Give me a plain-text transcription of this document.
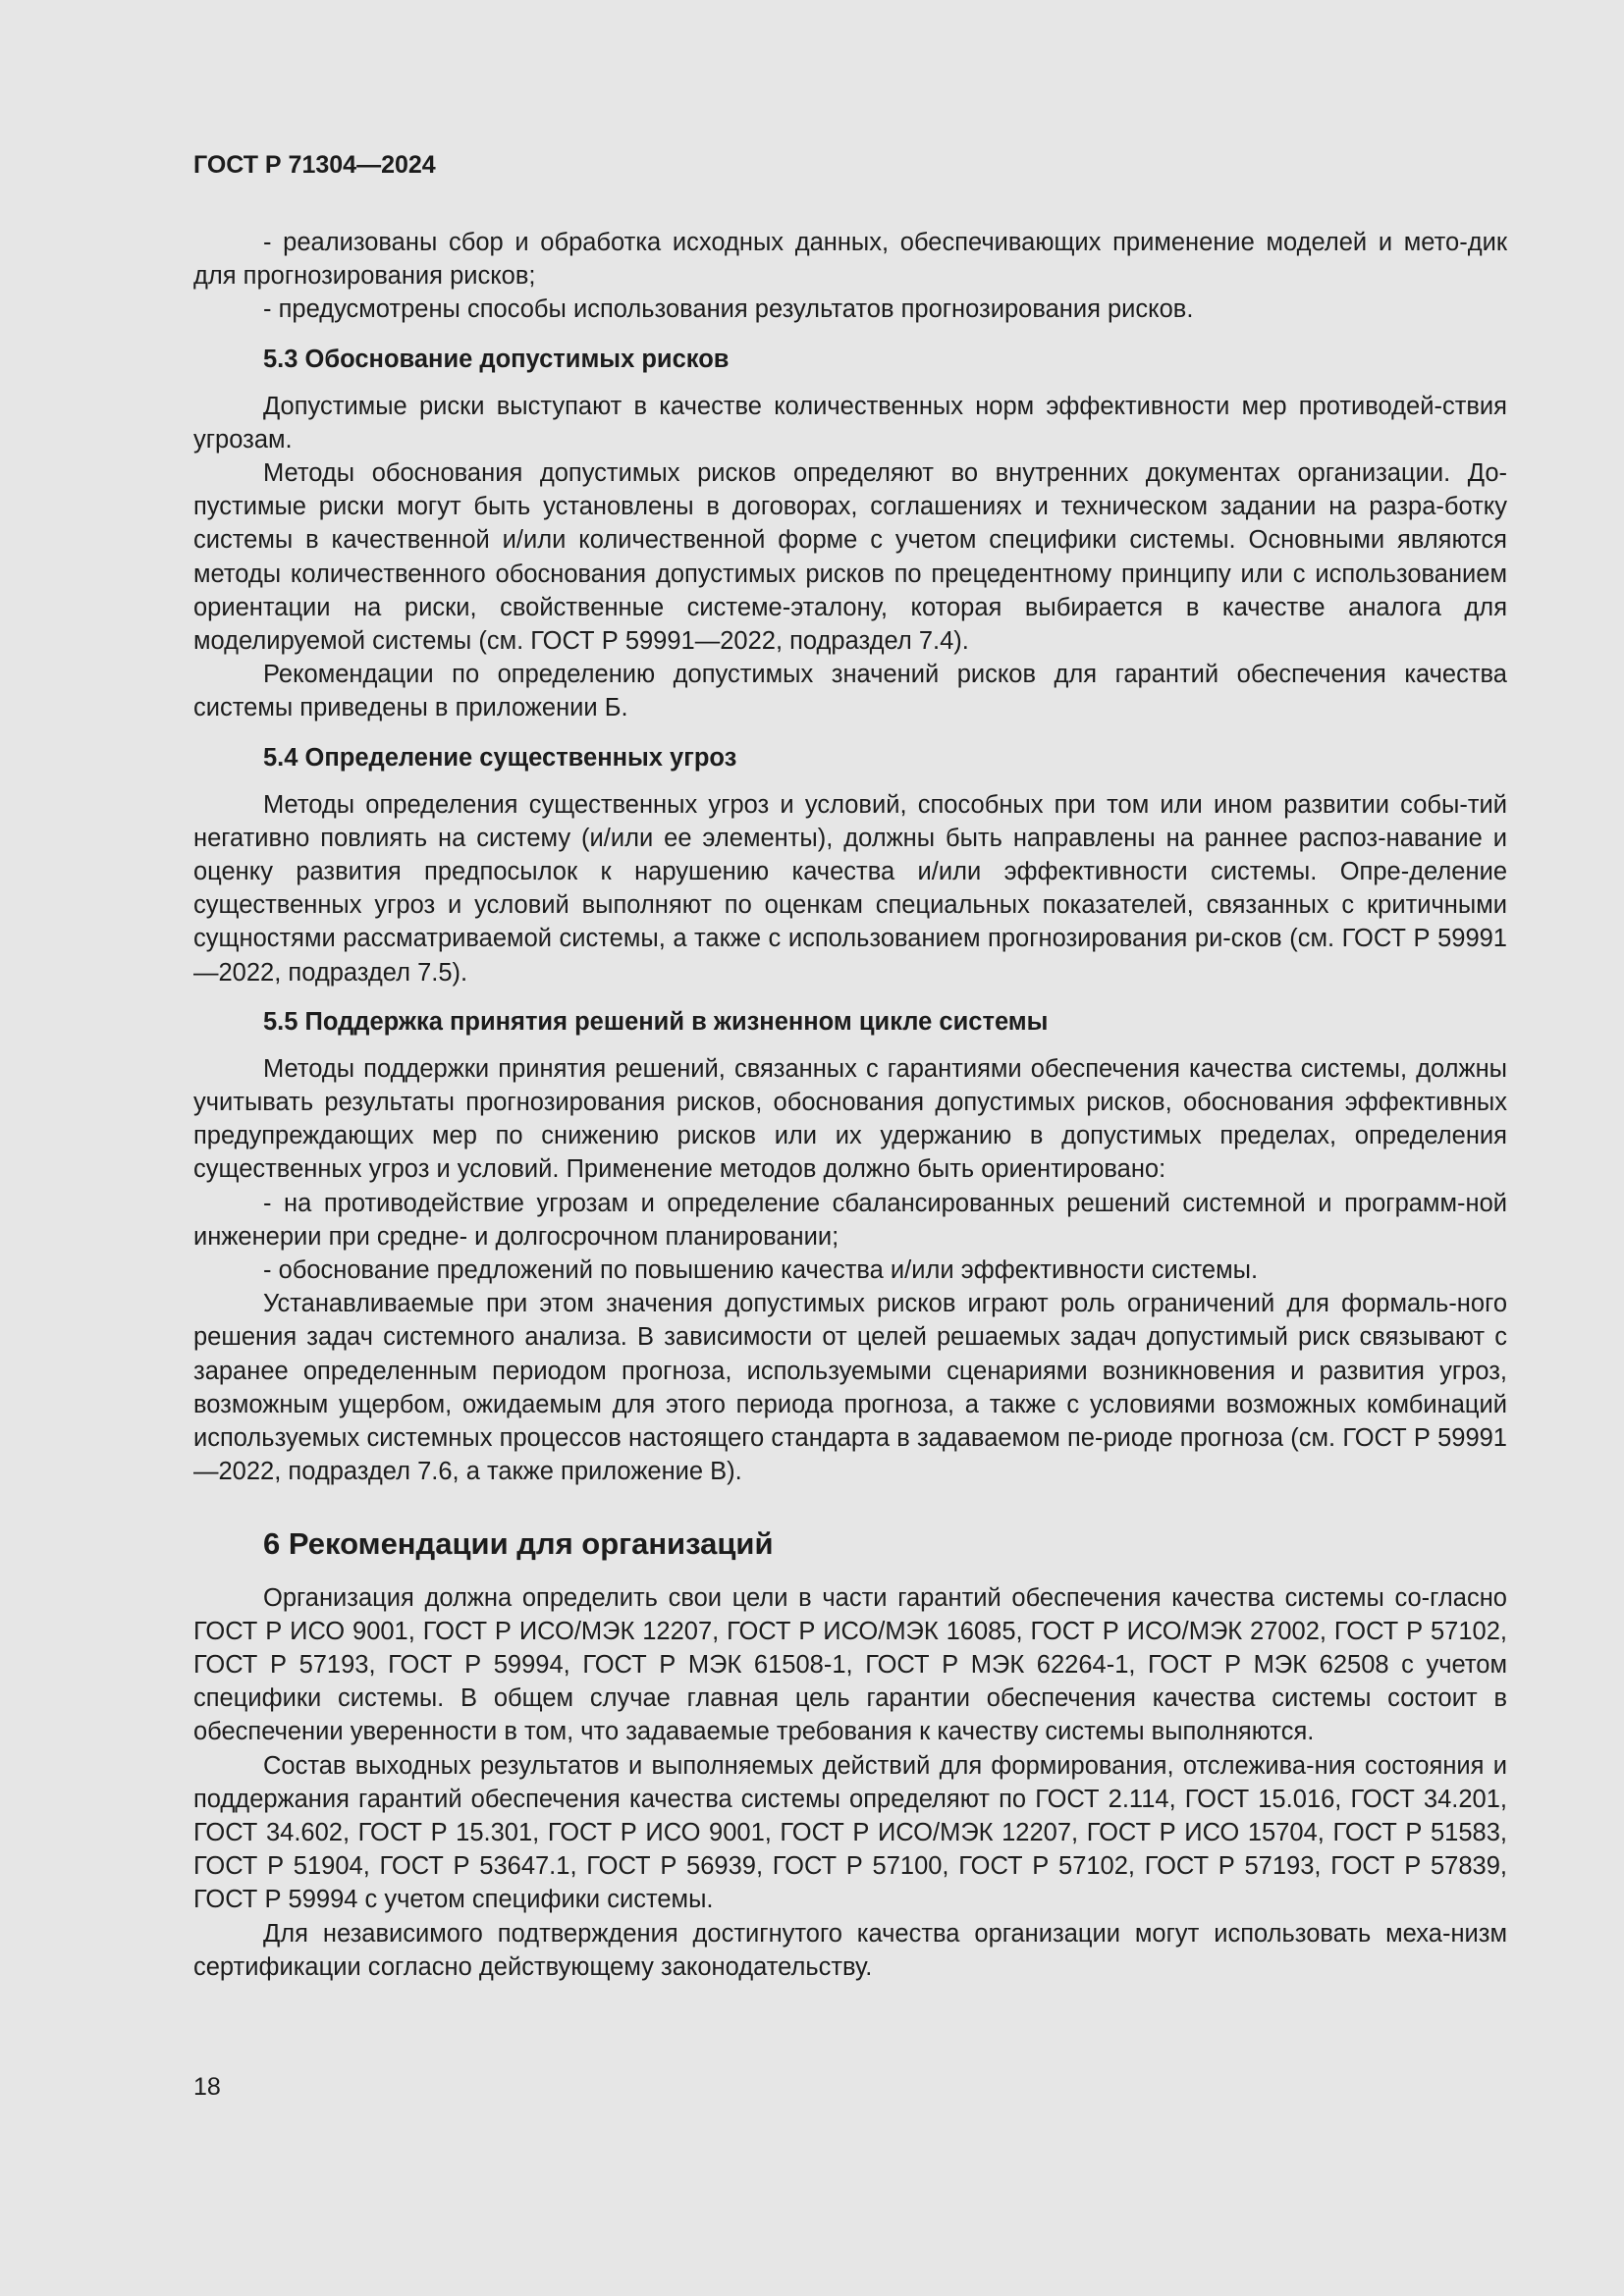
ГОСТ Р 71304—2024

- реализованы сбор и обработка исходных данных, обеспечивающих применение моделей и мето-дик для прогнозирования рисков;

- предусмотрены способы использования результатов прогнозирования рисков.

5.3 Обоснование допустимых рисков

Допустимые риски выступают в качестве количественных норм эффективности мер противодей-ствия угрозам.

Методы обоснования допустимых рисков определяют во внутренних документах организации. До-пустимые риски могут быть установлены в договорах, соглашениях и техническом задании на разра-ботку системы в качественной и/или количественной форме с учетом специфики системы. Основными являются методы количественного обоснования допустимых рисков по прецедентному принципу или с использованием ориентации на риски, свойственные системе-эталону, которая выбирается в качестве аналога для моделируемой системы (см. ГОСТ Р 59991—2022, подраздел 7.4).

Рекомендации по определению допустимых значений рисков для гарантий обеспечения качества системы приведены в приложении Б.

5.4 Определение существенных угроз

Методы определения существенных угроз и условий, способных при том или ином развитии собы-тий негативно повлиять на систему (и/или ее элементы), должны быть направлены на раннее распоз-навание и оценку развития предпосылок к нарушению качества и/или эффективности системы. Опре-деление существенных угроз и условий выполняют по оценкам специальных показателей, связанных с критичными сущностями рассматриваемой системы, а также с использованием прогнозирования ри-сков (см. ГОСТ Р 59991—2022, подраздел 7.5).

5.5 Поддержка принятия решений в жизненном цикле системы

Методы поддержки принятия решений, связанных с гарантиями обеспечения качества системы, должны учитывать результаты прогнозирования рисков, обоснования допустимых рисков, обоснования эффективных предупреждающих мер по снижению рисков или их удержанию в допустимых пределах, определения существенных угроз и условий. Применение методов должно быть ориентировано:

- на противодействие угрозам и определение сбалансированных решений системной и программ-ной инженерии при средне- и долгосрочном планировании;

- обоснование предложений по повышению качества и/или эффективности системы.

Устанавливаемые при этом значения допустимых рисков играют роль ограничений для формаль-ного решения задач системного анализа. В зависимости от целей решаемых задач допустимый риск связывают с заранее определенным периодом прогноза, используемыми сценариями возникновения и развития угроз, возможным ущербом, ожидаемым для этого периода прогноза, а также с условиями возможных комбинаций используемых системных процессов настоящего стандарта в задаваемом пе-риоде прогноза (см. ГОСТ Р 59991—2022, подраздел 7.6, а также приложение В).

6 Рекомендации для организаций

Организация должна определить свои цели в части гарантий обеспечения качества системы со-гласно ГОСТ Р ИСО 9001, ГОСТ Р ИСО/МЭК 12207, ГОСТ Р ИСО/МЭК 16085, ГОСТ Р ИСО/МЭК 27002, ГОСТ Р 57102, ГОСТ Р 57193, ГОСТ Р 59994, ГОСТ Р МЭК 61508-1, ГОСТ Р МЭК 62264-1, ГОСТ Р МЭК 62508 с учетом специфики системы. В общем случае главная цель гарантии обеспечения качества системы состоит в обеспечении уверенности в том, что задаваемые требования к качеству системы выполняются.

Состав выходных результатов и выполняемых действий для формирования, отслежива-ния состояния и поддержания гарантий обеспечения качества системы определяют по ГОСТ 2.114, ГОСТ 15.016, ГОСТ 34.201, ГОСТ 34.602, ГОСТ Р 15.301, ГОСТ Р ИСО 9001, ГОСТ Р ИСО/МЭК 12207, ГОСТ Р ИСО 15704, ГОСТ Р 51583, ГОСТ Р 51904, ГОСТ Р 53647.1, ГОСТ Р 56939, ГОСТ Р 57100, ГОСТ Р 57102, ГОСТ Р 57193, ГОСТ Р 57839, ГОСТ Р 59994 с учетом специфики системы.

Для независимого подтверждения достигнутого качества организации могут использовать меха-низм сертификации согласно действующему законодательству.

18
